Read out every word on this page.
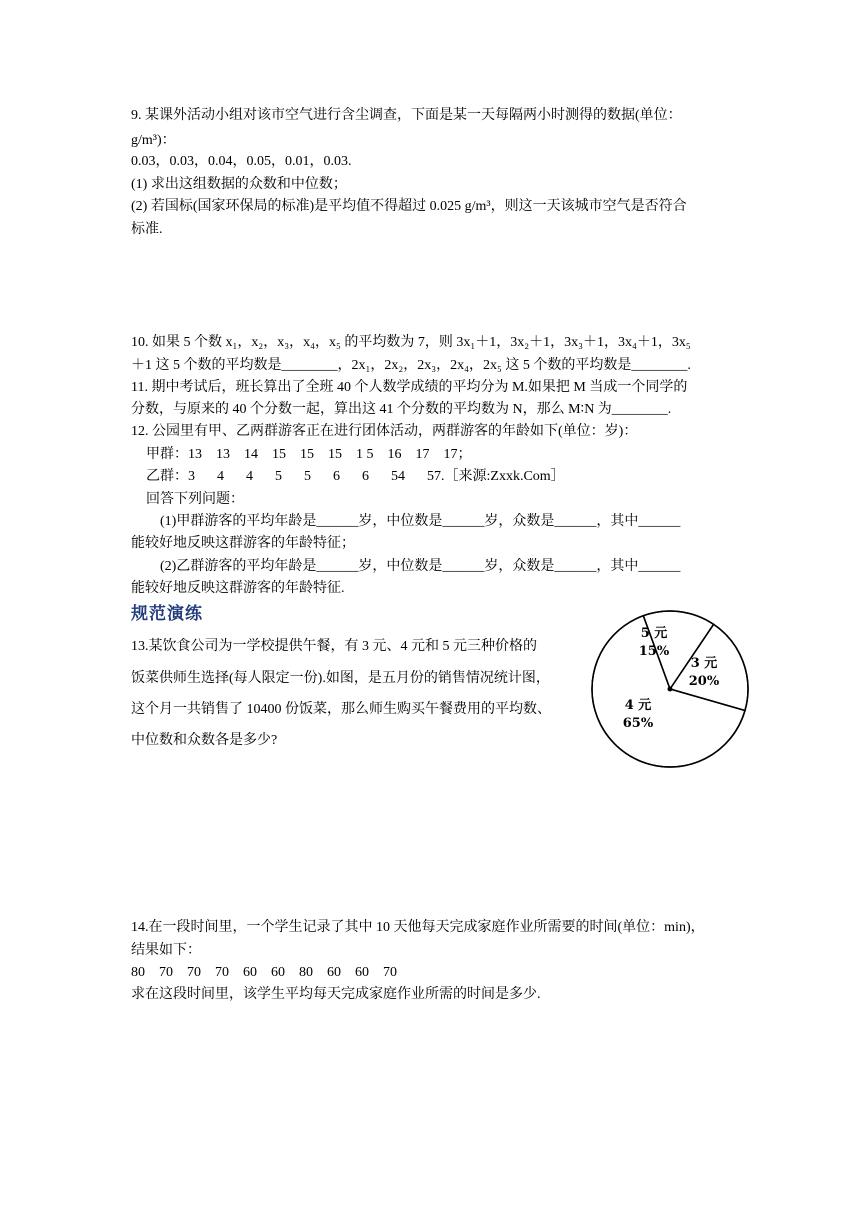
9. 某课外活动小组对该市空气进行含尘调查，下面是某一天每隔两小时测得的数据(单位：
g/m³)：
0.03，0.03，0.04，0.05，0.01，0.03.
(1) 求出这组数据的众数和中位数；
(2) 若国标(国家环保局的标准)是平均值不得超过 0.025 g/m³，则这一天该城市空气是否符合
标准.
10. 如果 5 个数 x₁，x₂，x₃，x₄，x₅ 的平均数为 7，则 3x₁＋1，3x₂＋1，3x₃＋1，3x₄＋1，3x₅
＋1 这 5 个数的平均数是________，2x₁，2x₂，2x₃，2x₄，2x₅ 这 5 个数的平均数是________.
11. 期中考试后，班长算出了全班 40 个人数学成绩的平均分为 M.如果把 M 当成一个同学的
分数，与原来的 40 个分数一起，算出这 41 个分数的平均数为 N，那么 M∶N 为________.
12. 公园里有甲、乙两群游客正在进行团体活动，两群游客的年龄如下(单位：岁)：
甲群：13 13 14 15 15 15 1 5 16 17 17；
乙群：3 4 4 5 5 6 6 54 57.［来源:Zxxk.Com］
回答下列问题：
(1)甲群游客的平均年龄是______岁，中位数是______岁，众数是______，其中______
能较好地反映这群游客的年龄特征；
(2)乙群游客的平均年龄是______岁，中位数是______岁，众数是______，其中______
能较好地反映这群游客的年龄特征.
规范演练
13.某饮食公司为一学校提供午餐，有 3 元、4 元和 5 元三种价格的
饭菜供师生选择(每人限定一份).如图，是五月份的销售情况统计图，
这个月一共销售了 10400 份饭菜，那么师生购买午餐费用的平均数、
中位数和众数各是多少?
5 元
15%
3 元
20%
4 元
65%
14.在一段时间里，一个学生记录了其中 10 天他每天完成家庭作业所需要的时间(单位：min)，
结果如下：
80 70 70 70 60 60 80 60 60 70
求在这段时间里，该学生平均每天完成家庭作业所需的时间是多少.
